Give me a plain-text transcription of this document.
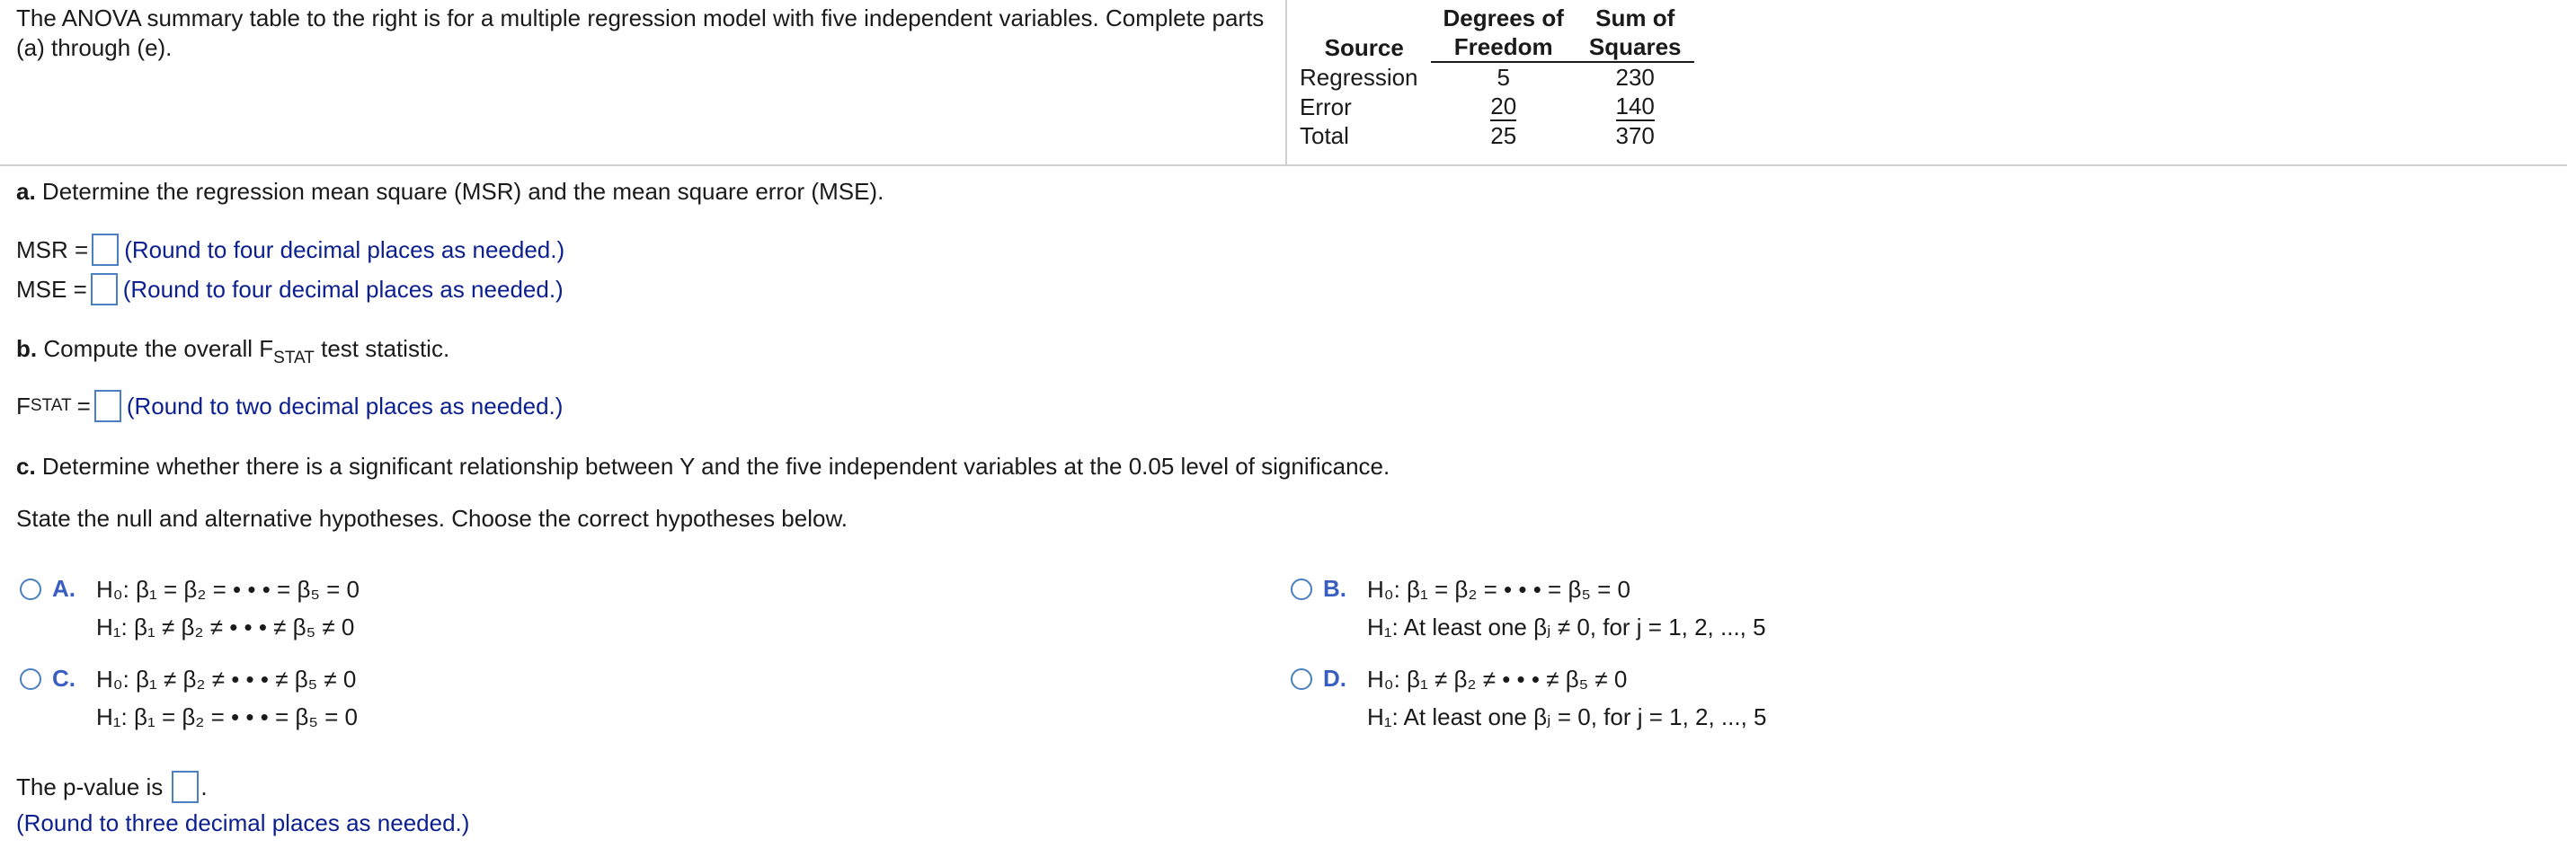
The ANOVA summary table to the right is for a multiple regression model with five independent variables. Complete parts (a) through (e).	Source	Degrees of	Sum of
	Freedom	Squares
Regression	5	230
Error	20	140
Total	25	370
a. Determine the regression mean square (MSR) and the mean square error (MSE).
MSR = (Round to four decimal places as needed.)
MSE = (Round to four decimal places as needed.)
b. Compute the overall $F_{STAT}$ test statistic.
F STAT = (Round to two decimal places as needed.)
c. Determine whether there is a significant relationship between Y and the five independent variables at the 0.05 level of significance.
State the null and alternative hypotheses. Choose the correct hypotheses below.
A. H₀: β₁ = β₂ = • • • = β₅ = 0
H₁: β₁ ≠ β₂ ≠ • • • ≠ β₅ ≠ 0
B. H₀: β₁ = β₂ = • • • = β₅ = 0
H₁: At least one βⱼ ≠ 0, for j = 1, 2, ..., 5
C. H₀: β₁ ≠ β₂ ≠ • • • ≠ β₅ ≠ 0
H₁: β₁ = β₂ = • • • = β₅ = 0
D. H₀: β₁ ≠ β₂ ≠ • • • ≠ β₅ ≠ 0
H₁: At least one βⱼ = 0, for j = 1, 2, ..., 5
The p-value is .
(Round to three decimal places as needed.)
